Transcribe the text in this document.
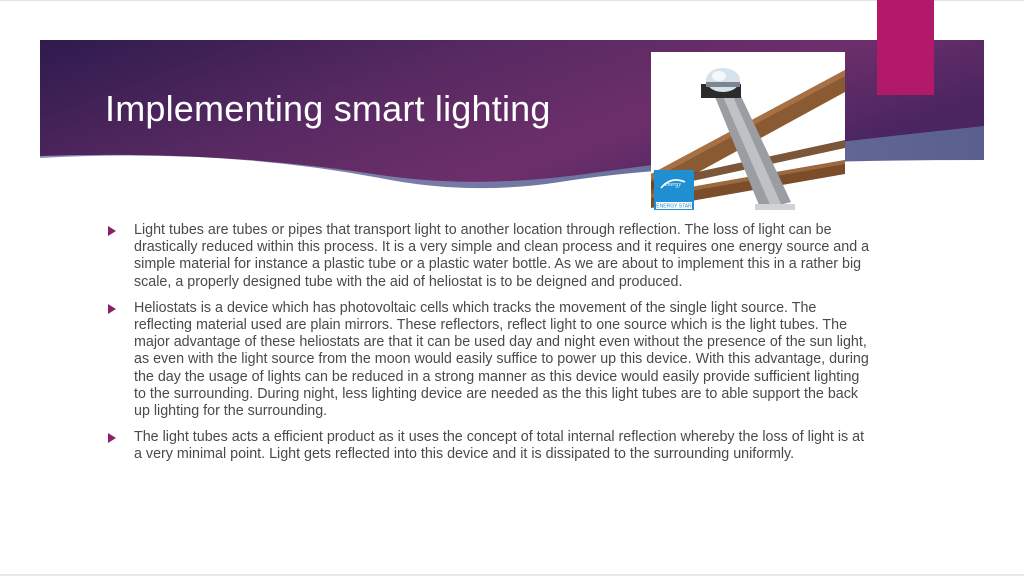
Implementing smart lighting
energy
ENERGY STAR
Light tubes are tubes or pipes that transport light to another location through reflection. The loss of light can be drastically reduced within this process. It is a very simple and clean process and it requires one energy source and a simple material for instance a plastic tube or a plastic water bottle. As we are about to implement this in a rather big scale, a properly designed tube with the aid of heliostat is to be deigned and produced.
Heliostats is a device which has photovoltaic cells which tracks the movement of the single light source. The reflecting material used are plain mirrors. These reflectors, reflect light to one source which is the light tubes. The major advantage of these heliostats are that it can be used day and night even without the presence of the sun light, as even with the light source from the moon would easily suffice to power up this device. With this advantage, during the day the usage of lights can be reduced in a strong manner as this device would easily provide sufficient lighting to the surrounding. During night, less lighting device are needed as the this light tubes are to able support the back up lighting for the surrounding.
The light tubes acts a efficient product as it uses the concept of total internal reflection whereby the loss of light is at a very minimal point. Light gets reflected into this device and it is dissipated to the surrounding uniformly.
